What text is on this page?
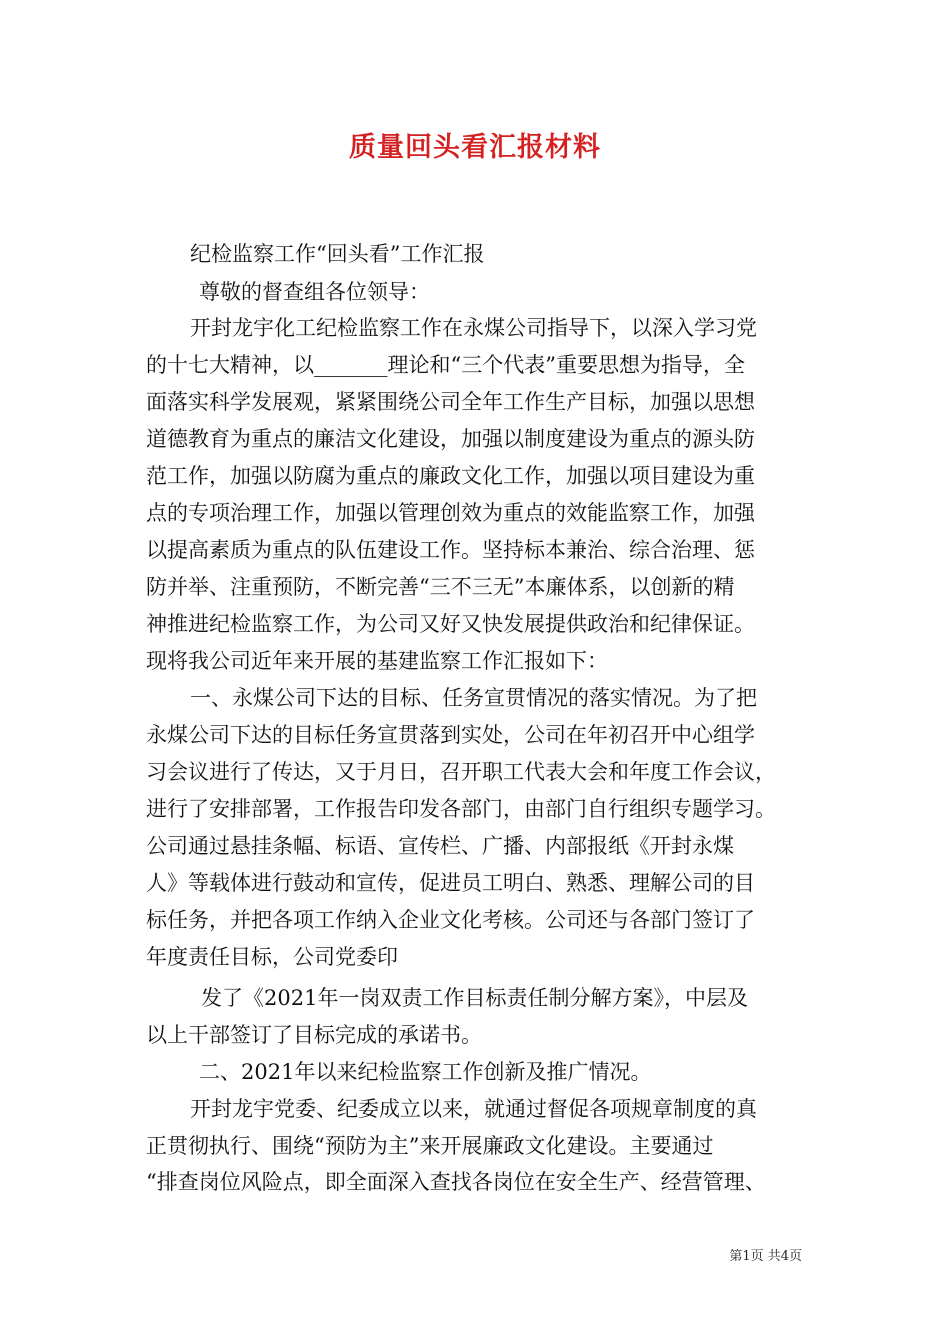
质量回头看汇报材料
纪检监察工作“回头看”工作汇报
尊敬的督查组各位领导：
开封龙宇化工纪检监察工作在永煤公司指导下，以深入学习党
的十七大精神，以_______理论和“三个代表”重要思想为指导，全
面落实科学发展观，紧紧围绕公司全年工作生产目标，加强以思想
道德教育为重点的廉洁文化建设，加强以制度建设为重点的源头防
范工作，加强以防腐为重点的廉政文化工作，加强以项目建设为重
点的专项治理工作，加强以管理创效为重点的效能监察工作，加强
以提高素质为重点的队伍建设工作。坚持标本兼治、综合治理、惩
防并举、注重预防，不断完善“三不三无”本廉体系，以创新的精
神推进纪检监察工作，为公司又好又快发展提供政治和纪律保证。
现将我公司近年来开展的基建监察工作汇报如下：
一、永煤公司下达的目标、任务宣贯情况的落实情况。为了把
永煤公司下达的目标任务宣贯落到实处，公司在年初召开中心组学
习会议进行了传达，又于月日，召开职工代表大会和年度工作会议，
进行了安排部署，工作报告印发各部门，由部门自行组织专题学习。
公司通过悬挂条幅、标语、宣传栏、广播、内部报纸《开封永煤
人》等载体进行鼓动和宣传，促进员工明白、熟悉、理解公司的目
标任务，并把各项工作纳入企业文化考核。公司还与各部门签订了
年度责任目标，公司党委印
发了《2021年一岗双责工作目标责任制分解方案》，中层及
以上干部签订了目标完成的承诺书。
二、2021年以来纪检监察工作创新及推广情况。
开封龙宇党委、纪委成立以来，就通过督促各项规章制度的真
正贯彻执行、围绕“预防为主”来开展廉政文化建设。主要通过
“排查岗位风险点，即全面深入查找各岗位在安全生产、经营管理、
第1页 共4页
